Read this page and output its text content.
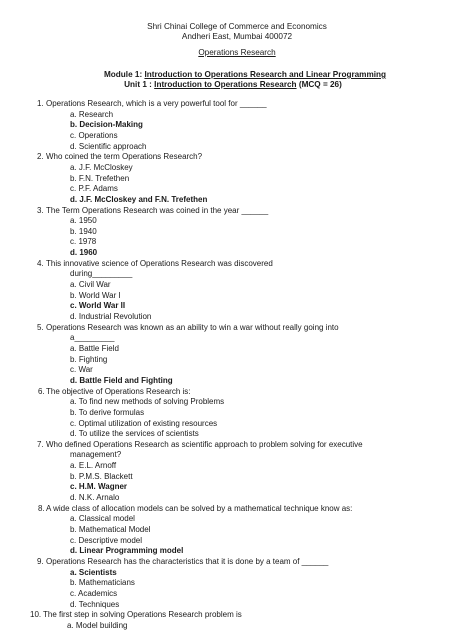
Shri Chinai College of Commerce and Economics
Andheri East, Mumbai 400072
Operations Research
Module 1: Introduction to Operations Research and Linear Programming
Unit 1 : Introduction to Operations Research (MCQ = 26)
1. Operations Research, which is a very powerful tool for ______
a. Research
b. Decision-Making
c. Operations
d. Scientific approach
2. Who coined the term Operations Research?
a. J.F. McCloskey
b. F.N. Trefethen
c. P.F. Adams
d. J.F. McCloskey and F.N. Trefethen
3. The Term Operations Research was coined in the year ______
a. 1950
b. 1940
c. 1978
d. 1960
4. This innovative science of Operations Research was discovered
during_________
a. Civil War
b. World War I
c. World War II
d. Industrial Revolution
5. Operations Research was known as an ability to win a war without really going into
a_________
a. Battle Field
b. Fighting
c. War
d. Battle Field and Fighting
6. The objective of Operations Research is:
a. To find new methods of solving Problems
b. To derive formulas
c. Optimal utilization of existing resources
d. To utilize the services of scientists
7. Who defined Operations Research as scientific approach to problem solving for executive
management?
a. E.L. Arnoff
b. P.M.S. Blackett
c. H.M. Wagner
d. N.K. Arnalo
8. A wide class of allocation models can be solved by a mathematical technique know as:
a. Classical model
b. Mathematical Model
c. Descriptive model
d. Linear Programming model
9. Operations Research has the characteristics that it is done by a team of ______
a. Scientists
b. Mathematicians
c. Academics
d. Techniques
10. The first step in solving Operations Research problem is
a. Model building
